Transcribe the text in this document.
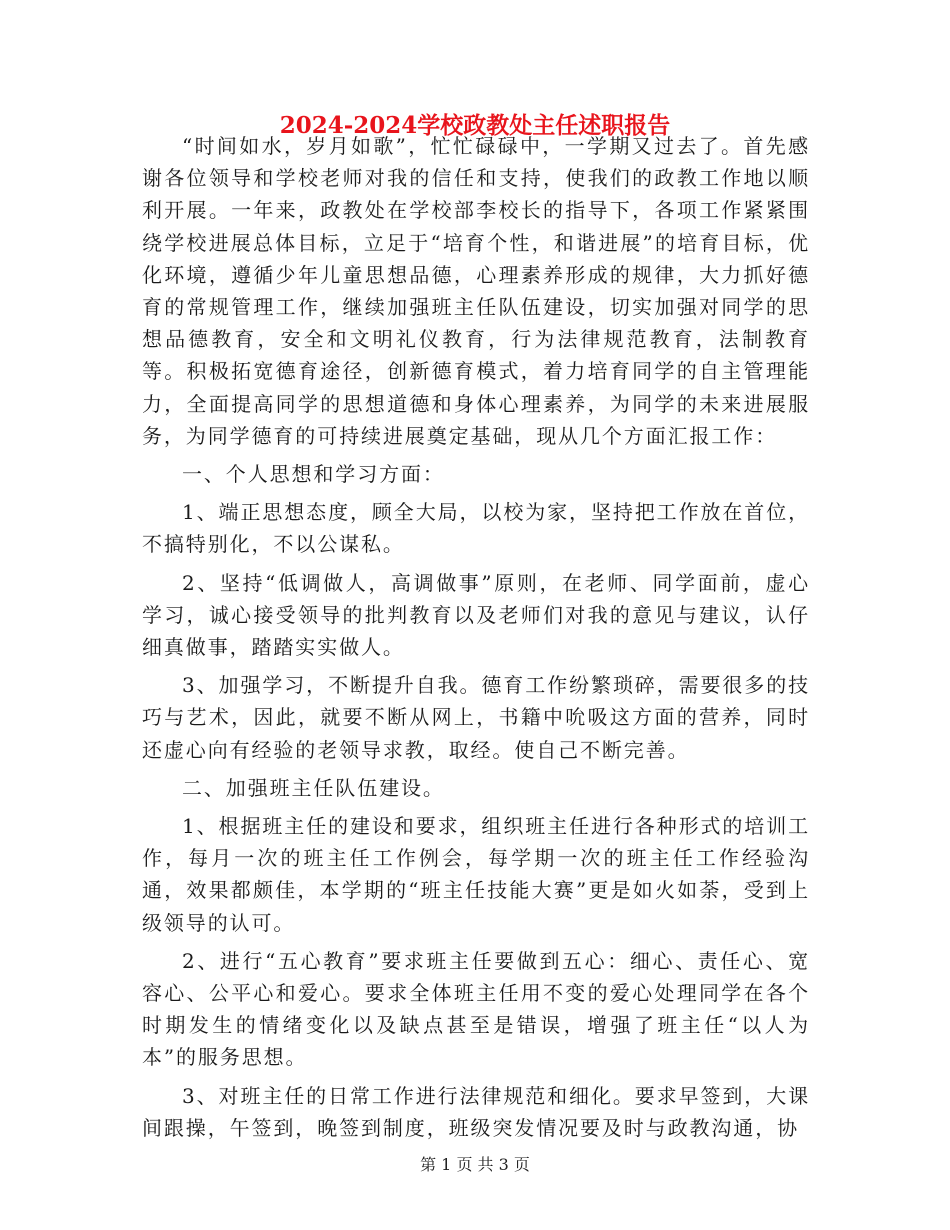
2024-2024学校政教处主任述职报告

“时间如水，岁月如歌”，忙忙碌碌中，一学期又过去了。首先感谢各位领导和学校老师对我的信任和支持，使我们的政教工作地以顺利开展。一年来，政教处在学校部李校长的指导下，各项工作紧紧围绕学校进展总体目标，立足于“培育个性，和谐进展”的培育目标，优化环境，遵循少年儿童思想品德，心理素养形成的规律，大力抓好德育的常规管理工作，继续加强班主任队伍建设，切实加强对同学的思想品德教育，安全和文明礼仪教育，行为法律规范教育，法制教育等。积极拓宽德育途径，创新德育模式，着力培育同学的自主管理能力，全面提高同学的思想道德和身体心理素养，为同学的未来进展服务，为同学德育的可持续进展奠定基础，现从几个方面汇报工作：

一、个人思想和学习方面：

1、端正思想态度，顾全大局，以校为家，坚持把工作放在首位，不搞特别化，不以公谋私。

2、坚持“低调做人，高调做事”原则，在老师、同学面前，虚心学习，诚心接受领导的批判教育以及老师们对我的意见与建议，认仔细真做事，踏踏实实做人。

3、加强学习，不断提升自我。德育工作纷繁琐碎，需要很多的技巧与艺术，因此，就要不断从网上，书籍中吮吸这方面的营养，同时还虚心向有经验的老领导求教，取经。使自己不断完善。

二、加强班主任队伍建设。

1、根据班主任的建设和要求，组织班主任进行各种形式的培训工作，每月一次的班主任工作例会，每学期一次的班主任工作经验沟通，效果都颇佳，本学期的“班主任技能大赛”更是如火如荼，受到上级领导的认可。

2、进行“五心教育”要求班主任要做到五心：细心、责任心、宽容心、公平心和爱心。要求全体班主任用不变的爱心处理同学在各个时期发生的情绪变化以及缺点甚至是错误，增强了班主任“以人为本”的服务思想。

3、对班主任的日常工作进行法律规范和细化。要求早签到，大课间跟操，午签到，晚签到制度，班级突发情况要及时与政教沟通，协

第 1 页 共 3 页
